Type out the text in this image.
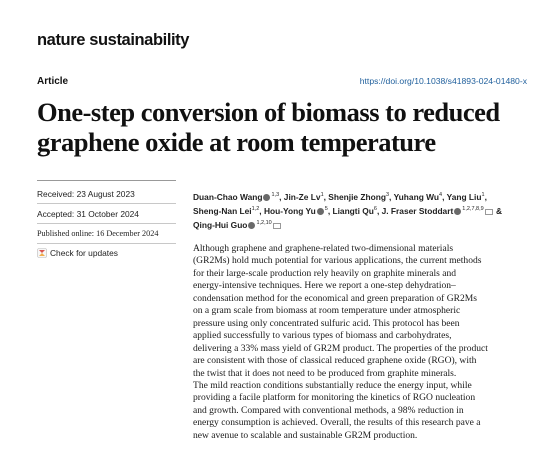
nature sustainability
Article	https://doi.org/10.1038/s41893-024-01480-x
One-step conversion of biomass to reduced
graphene oxide at room temperature
Received: 23 August 2023
Accepted: 31 October 2024
Published online: 16 December 2024
Check for updates
Duan-Chao Wang $^{1,3}$, Jin-Ze Lv$^1$, Shenjie Zhong$^3$, Yuhang Wu$^4$, Yang Liu$^1$,
Sheng-Nan Lei$^{1,2}$, Hou-Yong Yu $^5$, Liangti Qu$^6$, J. Fraser Stoddart $^{1,2,7,8,9}$ &
Qing-Hui Guo $^{1,2,10}$
Although graphene and graphene-related two-dimensional materials
(GR2Ms) hold much potential for various applications, the current methods
for their large-scale production rely heavily on graphite minerals and
energy-intensive techniques. Here we report a one-step dehydration–
condensation method for the economical and green preparation of GR2Ms
on a gram scale from biomass at room temperature under atmospheric
pressure using only concentrated sulfuric acid. This protocol has been
applied successfully to various types of biomass and carbohydrates,
delivering a 33% mass yield of GR2M product. The properties of the product
are consistent with those of classical reduced graphene oxide (RGO), with
the twist that it does not need to be produced from graphite minerals.
The mild reaction conditions substantially reduce the energy input, while
providing a facile platform for monitoring the kinetics of RGO nucleation
and growth. Compared with conventional methods, a 98% reduction in
energy consumption is achieved. Overall, the results of this research pave a
new avenue to scalable and sustainable GR2M production.
